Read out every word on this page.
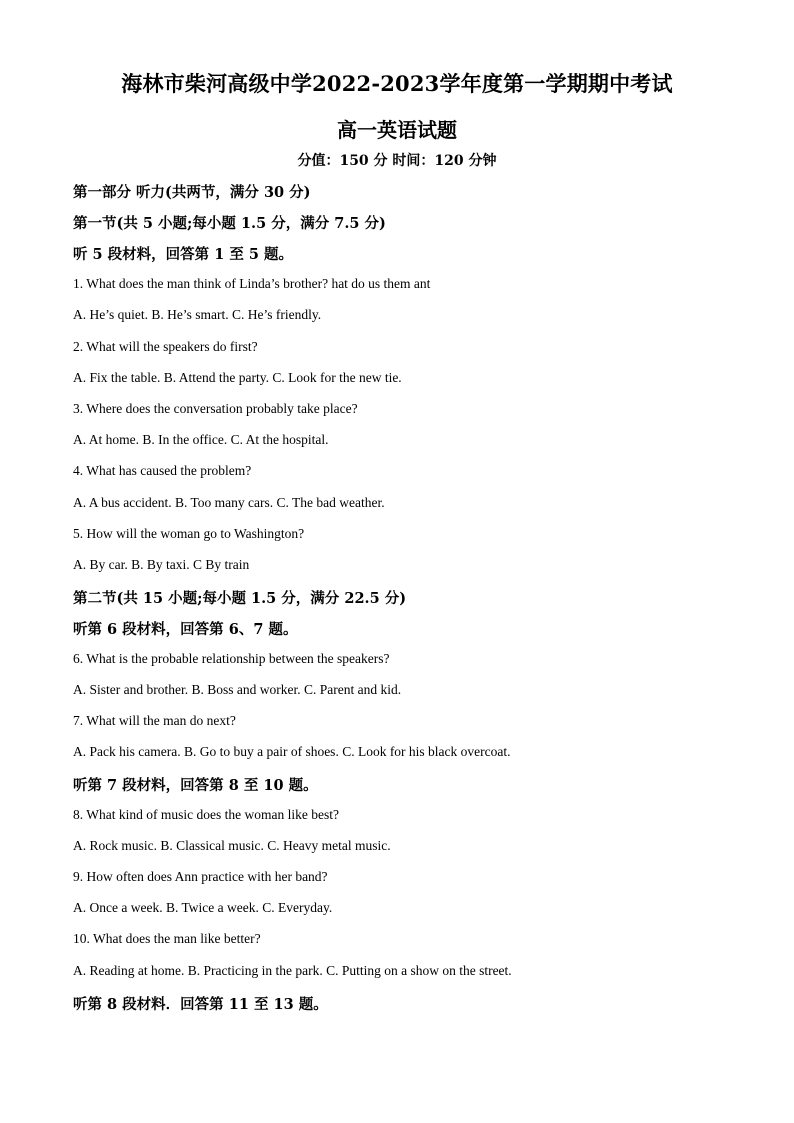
海林市柴河高级中学2022-2023学年度第一学期期中考试
高一英语试题
分值：150 分 时间：120 分钟
第一部分 听力(共两节，满分 30 分)
第一节(共 5 小题;每小题 1.5 分，满分 7.5 分)
听 5 段材料，回答第 1 至 5 题。
1. What does the man think of Linda’s brother? hat do us them ant
A. He’s quiet. B. He’s smart. C. He’s friendly.
2. What will the speakers do first?
A. Fix the table. B. Attend the party. C. Look for the new tie.
3. Where does the conversation probably take place?
A. At home. B. In the office. C. At the hospital.
4. What has caused the problem?
A. A bus accident. B. Too many cars. C. The bad weather.
5. How will the woman go to Washington?
A. By car. B. By taxi. C By train
第二节(共 15 小题;每小题 1.5 分，满分 22.5 分)
听第 6 段材料，回答第 6、7 题。
6. What is the probable relationship between the speakers?
A. Sister and brother. B. Boss and worker. C. Parent and kid.
7. What will the man do next?
A. Pack his camera. B. Go to buy a pair of shoes. C. Look for his black overcoat.
听第 7 段材料，回答第 8 至 10 题。
8. What kind of music does the woman like best?
A. Rock music. B. Classical music. C. Heavy metal music.
9. How often does Ann practice with her band?
A. Once a week. B. Twice a week. C. Everyday.
10. What does the man like better?
A. Reading at home. B. Practicing in the park. C. Putting on a show on the street.
听第 8 段材料．回答第 11 至 13 题。
